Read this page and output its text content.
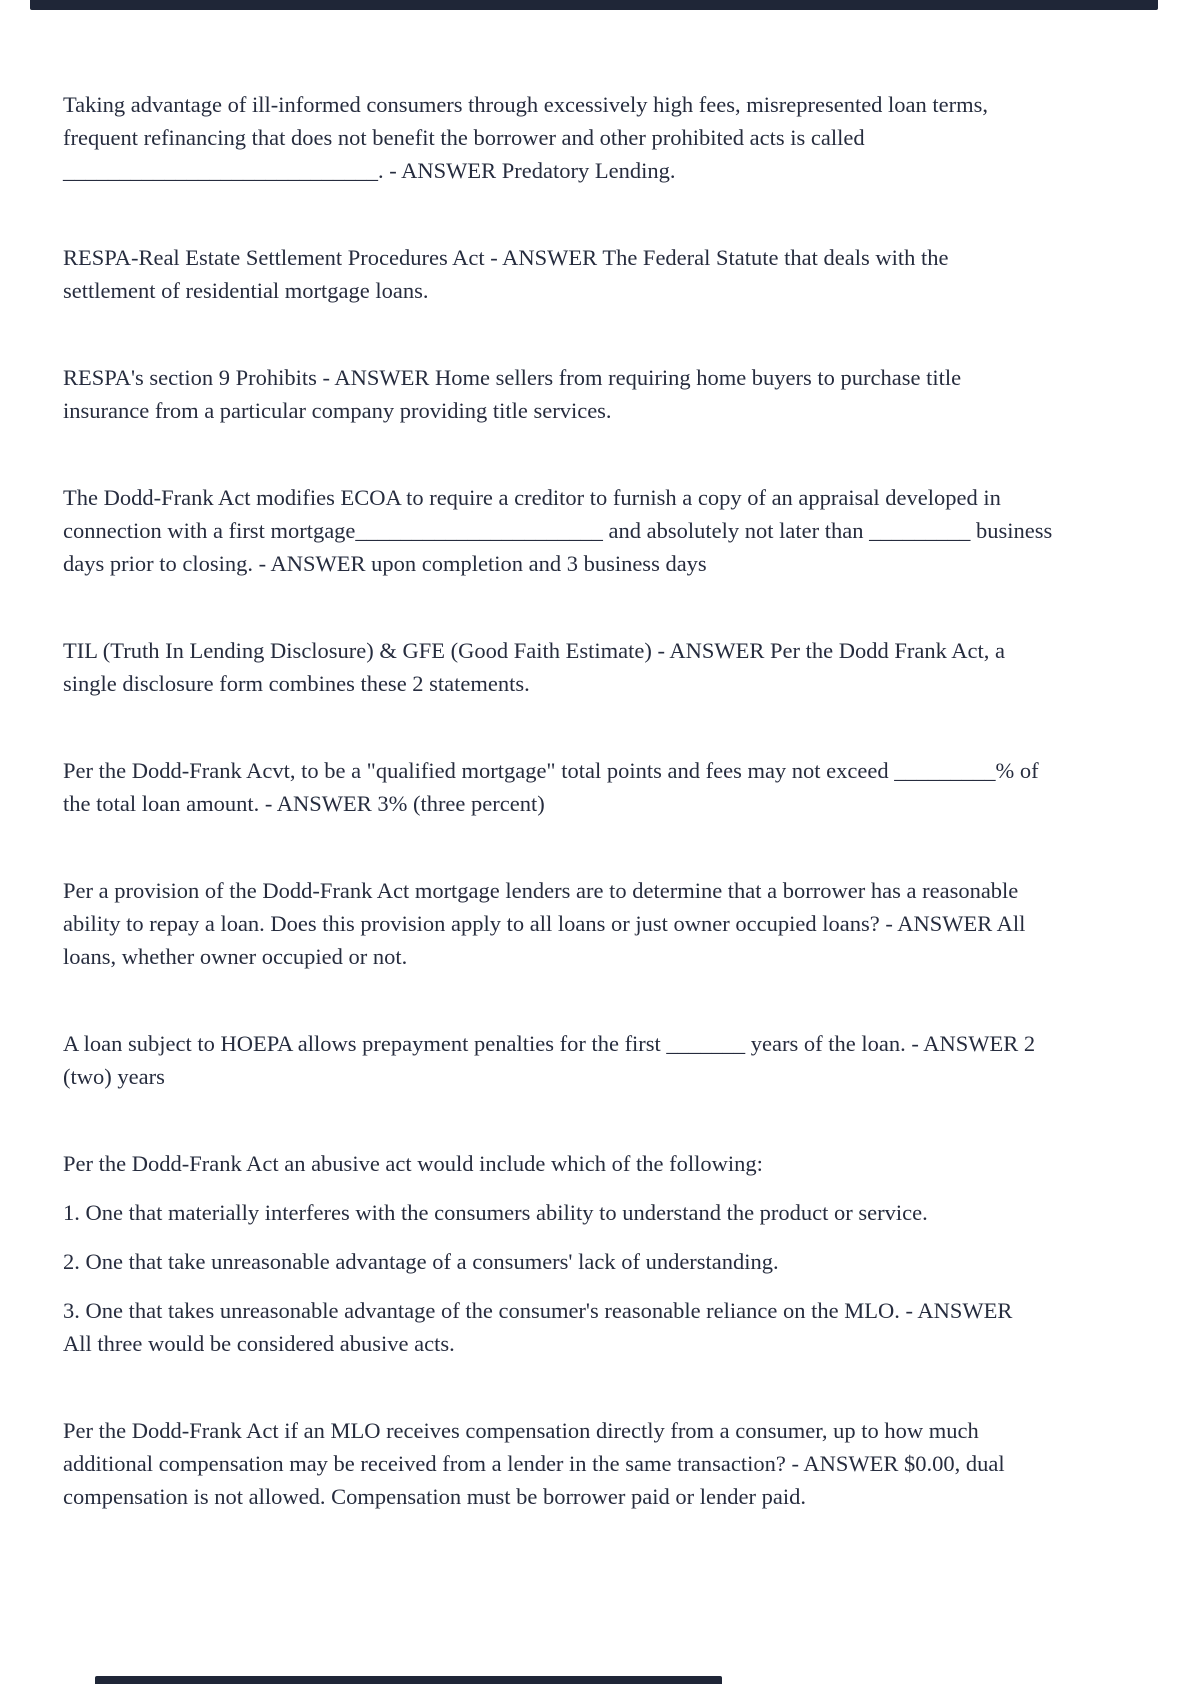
Taking advantage of ill-informed consumers through excessively high fees, misrepresented loan terms,
frequent refinancing that does not benefit the borrower and other prohibited acts is called
____________________________. - ANSWER Predatory Lending.

RESPA-Real Estate Settlement Procedures Act - ANSWER The Federal Statute that deals with the
settlement of residential mortgage loans.

RESPA's section 9 Prohibits - ANSWER Home sellers from requiring home buyers to purchase title
insurance from a particular company providing title services.

The Dodd-Frank Act modifies ECOA to require a creditor to furnish a copy of an appraisal developed in
connection with a first mortgage______________________ and absolutely not later than _________ business
days prior to closing. - ANSWER upon completion and 3 business days

TIL (Truth In Lending Disclosure) & GFE (Good Faith Estimate) - ANSWER Per the Dodd Frank Act, a
single disclosure form combines these 2 statements.

Per the Dodd-Frank Acvt, to be a "qualified mortgage" total points and fees may not exceed _________% of
the total loan amount. - ANSWER 3% (three percent)

Per a provision of the Dodd-Frank Act mortgage lenders are to determine that a borrower has a reasonable
ability to repay a loan. Does this provision apply to all loans or just owner occupied loans? - ANSWER All
loans, whether owner occupied or not.

A loan subject to HOEPA allows prepayment penalties for the first _______ years of the loan. - ANSWER 2
(two) years

Per the Dodd-Frank Act an abusive act would include which of the following:

1. One that materially interferes with the consumers ability to understand the product or service.

2. One that take unreasonable advantage of a consumers' lack of understanding.

3. One that takes unreasonable advantage of the consumer's reasonable reliance on the MLO. - ANSWER
All three would be considered abusive acts.

Per the Dodd-Frank Act if an MLO receives compensation directly from a consumer, up to how much
additional compensation may be received from a lender in the same transaction? - ANSWER $0.00, dual
compensation is not allowed. Compensation must be borrower paid or lender paid.
